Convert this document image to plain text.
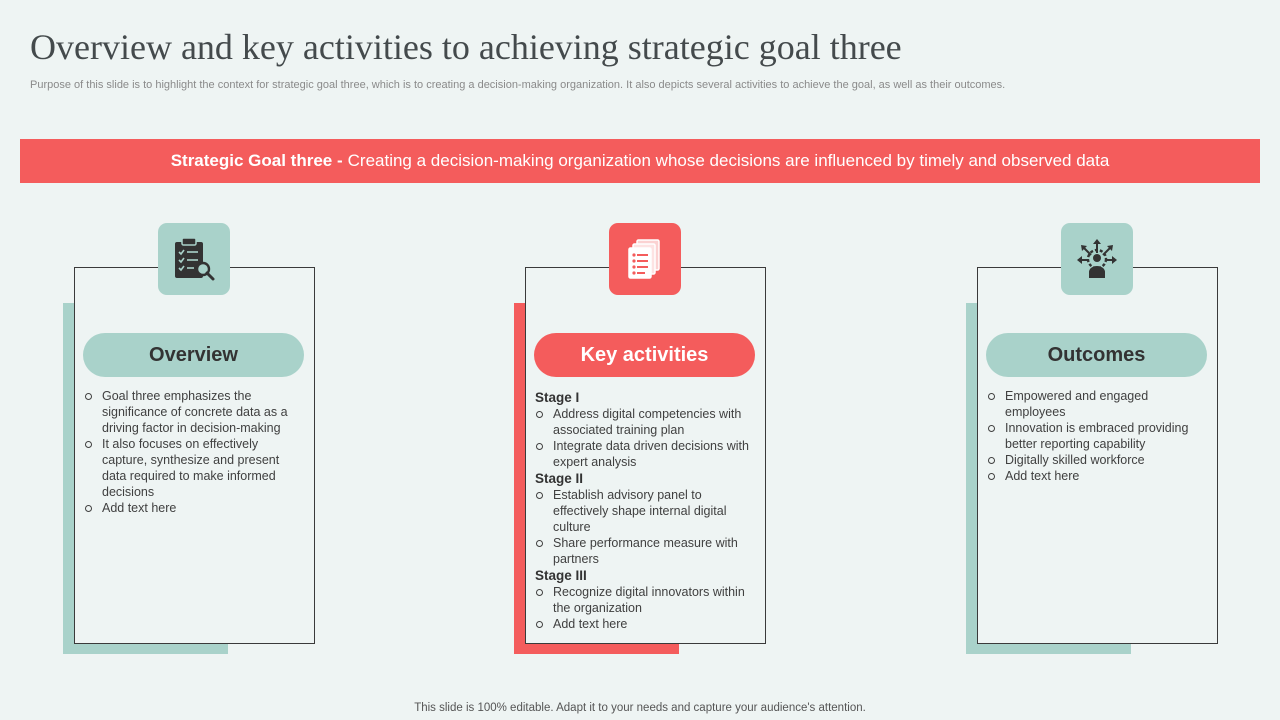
Overview and key activities to achieving strategic goal three
Purpose of this slide is to highlight the context for strategic goal three, which is to creating a decision-making organization. It also depicts several activities to achieve the goal, as well as their outcomes.
Strategic Goal three - Creating a decision-making organization whose decisions are influenced by timely and observed data
Overview
Goal three emphasizes the significance of concrete data as a driving factor in decision-making
It also focuses on effectively capture, synthesize and present data required to make informed decisions
Add text here
Key activities
Stage I
Address digital competencies with associated training plan
Integrate data driven decisions with expert analysis
Stage II
Establish advisory panel to effectively shape internal digital culture
Share performance measure with partners
Stage III
Recognize digital innovators within the organization
Add text here
Outcomes
Empowered and engaged employees
Innovation is embraced providing better reporting capability
Digitally skilled workforce
Add text here
This slide is 100% editable. Adapt it to your needs and capture your audience's attention.
